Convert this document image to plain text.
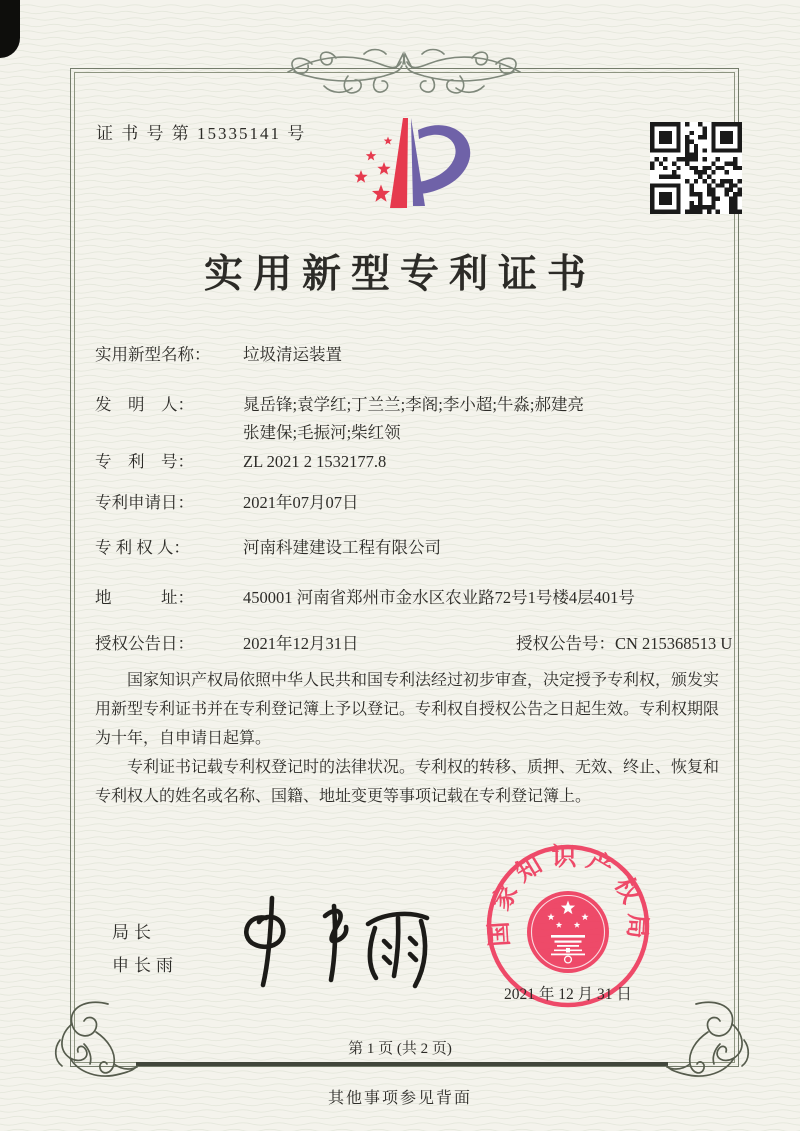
证 书 号 第 15335141 号
实用新型专利证书
实用新型名称： 垃圾清运装置
发　明　人：	晁岳锋;袁学红;丁兰兰;李阁;李小超;牛淼;郝建亮
张建保;毛振河;柴红领
专　利　号：	ZL 2021 2 1532177.8
专利申请日：	2021年07月07日
专 利 权 人：	河南科建建设工程有限公司
地　　　址：	450001 河南省郑州市金水区农业路72号1号楼4层401号
授权公告日：	2021年12月31日	授权公告号：CN 215368513 U

国家知识产权局依照中华人民共和国专利法经过初步审查，决定授予专利权，颁发实用新型专利证书并在专利登记簿上予以登记。专利权自授权公告之日起生效。专利权期限为十年，自申请日起算。

专利证书记载专利权登记时的法律状况。专利权的转移、质押、无效、终止、恢复和专利权人的姓名或名称、国籍、地址变更等事项记载在专利登记簿上。

局长
申长雨
国家知识产权局
2021 年 12 月 31 日
第 1 页 (共 2 页)
其他事项参见背面
